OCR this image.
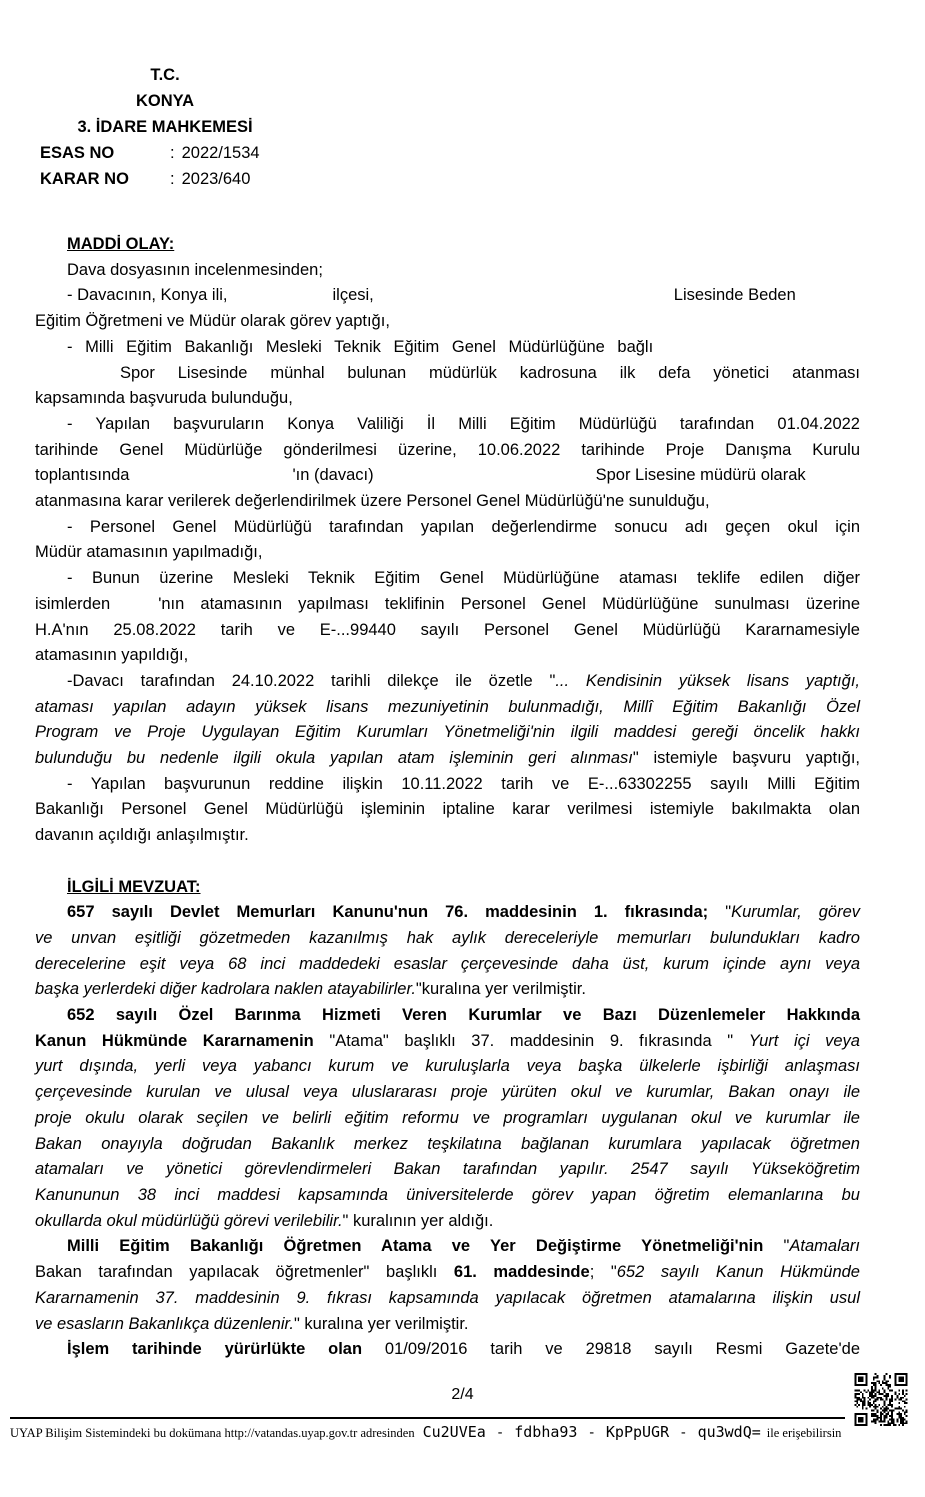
T.C.
KONYA
3. İDARE MAHKEMESİ
ESAS NO	: 2022/1534
KARAR NO	: 2023/640
MADDİ OLAY:
Dava dosyasının incelenmesinden;
- Davacının, Konya ili,	ilçesi,	Lisesinde Beden
Eğitim Öğretmeni ve Müdür olarak görev yaptığı,
- Milli Eğitim Bakanlığı Mesleki Teknik Eğitim Genel Müdürlüğüne bağlı
Spor Lisesinde münhal bulunan müdürlük kadrosuna ilk defa yönetici atanması
kapsamında başvuruda bulunduğu,
- Yapılan başvuruların Konya Valiliği İl Milli Eğitim Müdürlüğü tarafından 01.04.2022
tarihinde Genel Müdürlüğe gönderilmesi üzerine, 10.06.2022 tarihinde Proje Danışma Kurulu
toplantısında	'ın (davacı)	Spor Lisesine müdürü olarak
atanmasına karar verilerek değerlendirilmek üzere Personel Genel Müdürlüğü'ne sunulduğu,
- Personel Genel Müdürlüğü tarafından yapılan değerlendirme sonucu adı geçen okul için
Müdür atamasının yapılmadığı,
- Bunun üzerine Mesleki Teknik Eğitim Genel Müdürlüğüne ataması teklife edilen diğer
isimlerden	'nın atamasının yapılması teklifinin Personel Genel Müdürlüğüne sunulması üzerine
H.A'nın 25.08.2022 tarih ve E-...99440 sayılı Personel Genel Müdürlüğü Kararnamesiyle
atamasının yapıldığı,
-Davacı tarafından 24.10.2022 tarihli dilekçe ile özetle "... Kendisinin yüksek lisans yaptığı,
ataması yapılan adayın yüksek lisans mezuniyetinin bulunmadığı, Millî Eğitim Bakanlığı Özel
Program ve Proje Uygulayan Eğitim Kurumları Yönetmeliği'nin ilgili maddesi gereği öncelik hakkı
bulunduğu bu nedenle ilgili okula yapılan atam işleminin geri alınması" istemiyle başvuru yaptığı,
- Yapılan başvurunun reddine ilişkin 10.11.2022 tarih ve E-...63302255 sayılı Milli Eğitim
Bakanlığı Personel Genel Müdürlüğü işleminin iptaline karar verilmesi istemiyle bakılmakta olan
davanın açıldığı anlaşılmıştır.
İLGİLİ MEVZUAT:
657 sayılı Devlet Memurları Kanunu'nun 76. maddesinin 1. fıkrasında; "Kurumlar, görev
ve unvan eşitliği gözetmeden kazanılmış hak aylık dereceleriyle memurları bulundukları kadro
derecelerine eşit veya 68 inci maddedeki esaslar çerçevesinde daha üst, kurum içinde aynı veya
başka yerlerdeki diğer kadrolara naklen atayabilirler."kuralına yer verilmiştir.
652 sayılı Özel Barınma Hizmeti Veren Kurumlar ve Bazı Düzenlemeler Hakkında
Kanun Hükmünde Kararnamenin "Atama" başlıklı 37. maddesinin 9. fıkrasında " Yurt içi veya
yurt dışında, yerli veya yabancı kurum ve kuruluşlarla veya başka ülkelerle işbirliği anlaşması
çerçevesinde kurulan ve ulusal veya uluslararası proje yürüten okul ve kurumlar, Bakan onayı ile
proje okulu olarak seçilen ve belirli eğitim reformu ve programları uygulanan okul ve kurumlar ile
Bakan onayıyla doğrudan Bakanlık merkez teşkilatına bağlanan kurumlara yapılacak öğretmen
atamaları ve yönetici görevlendirmeleri Bakan tarafından yapılır. 2547 sayılı Yükseköğretim
Kanununun 38 inci maddesi kapsamında üniversitelerde görev yapan öğretim elemanlarına bu
okullarda okul müdürlüğü görevi verilebilir." kuralının yer aldığı.
Milli Eğitim Bakanlığı Öğretmen Atama ve Yer Değiştirme Yönetmeliği'nin "Atamaları
Bakan tarafından yapılacak öğretmenler" başlıklı 61. maddesinde; "652 sayılı Kanun Hükmünde
Kararnamenin 37. maddesinin 9. fıkrası kapsamında yapılacak öğretmen atamalarına ilişkin usul
ve esasların Bakanlıkça düzenlenir." kuralına yer verilmiştir.
İşlem tarihinde yürürlükte olan 01/09/2016 tarih ve 29818 sayılı Resmi Gazete'de
2/4
UYAP Bilişim Sistemindeki bu dokümana http://vatandas.uyap.gov.tr adresinden Cu2UVEa - fdbha93 - KpPpUGR - qu3wdQ= ile erişebilirsin
